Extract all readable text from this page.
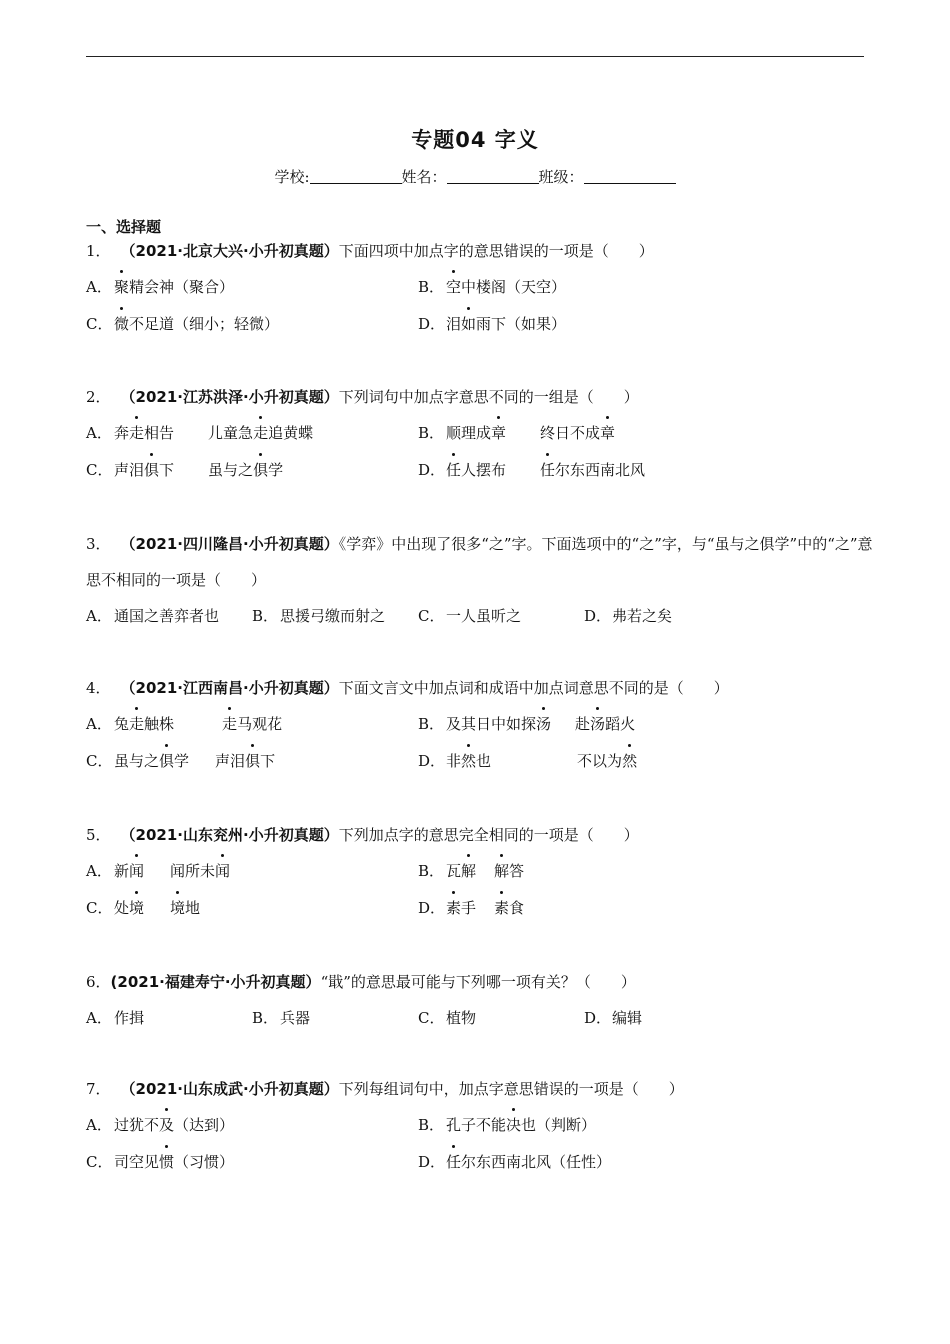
专题04 字义
学校:	姓名：	班级：
一、选择题
1． （2021·北京大兴·小升初真题）下面四项中加点字的意思错误的一项是（　　）
A． 聚精会神（聚合）	B． 空中楼阁（天空）
C． 微不足道（细小；轻微）	D．泪如雨下（如果）
2． （2021·江苏洪泽·小升初真题）下列词句中加点字意思不同的一组是（　　）
A． 奔走相告 儿童急走追黄蝶	B． 顺理成章 终日不成章
C． 声泪俱下 虽与之俱学	D．任人摆布 任尔东西南北风
3． （2021·四川隆昌·小升初真题）《学弈》中出现了很多“之”字。下面选项中的“之”字，与“虽与之俱学”中的“之”意思不相同的一项是（　　）
A． 通国之善弈者也 B． 思援弓缴而射之 C． 一人虽听之	D．弗若之矣
4． （2021·江西南昌·小升初真题）下面文言文中加点词和成语中加点词意思不同的是（　　）
A． 兔走触株	走马观花	B． 及其日中如探汤 赴汤蹈火
C． 虽与之俱学 声泪俱下	D．非然也	不以为然
5． （2021·山东兖州·小升初真题）下列加点字的意思完全相同的一项是（　　）
A． 新闻 闻所未闻	B． 瓦解 解答
C． 处境 境地	D．素手 素食
6．(2021·福建寿宁·小升初真题）“戢”的意思最可能与下列哪一项有关？（　　）
A． 作揖	B． 兵器	C． 植物	D．编辑
7． （2021·山东成武·小升初真题）下列每组词句中，加点字意思错误的一项是（　　）
A． 过犹不及（达到）	B． 孔子不能决也（判断）
C． 司空见惯（习惯）	D．任尔东西南北风（任性）
